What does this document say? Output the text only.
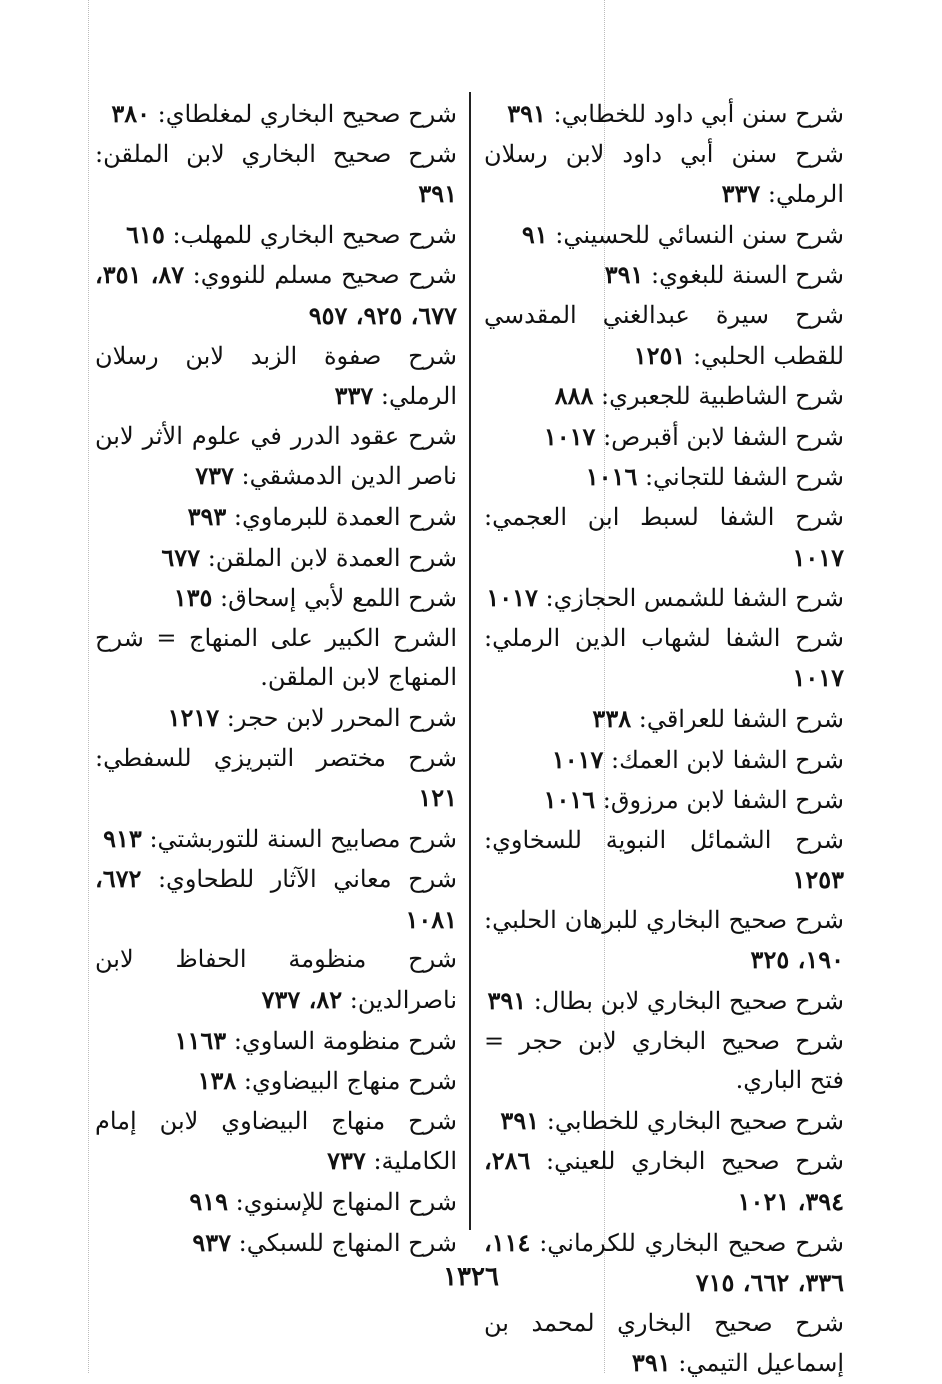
شرح سنن أبي داود للخطابي: ٣٩١

شرح سنن أبي داود لابن رسلان الرملي: ٣٣٧

شرح سنن النسائي للحسيني: ٩١

شرح السنة للبغوي: ٣٩١

شرح سيرة عبدالغني المقدسي للقطب الحلبي: ١٢٥١

شرح الشاطبية للجعبري: ٨٨٨

شرح الشفا لابن أقبرص: ١٠١٧

شرح الشفا للتجاني: ١٠١٦

شرح الشفا لسبط ابن العجمي: ١٠١٧

شرح الشفا للشمس الحجازي: ١٠١٧

شرح الشفا لشهاب الدين الرملي: ١٠١٧

شرح الشفا للعراقي: ٣٣٨

شرح الشفا لابن العمك: ١٠١٧

شرح الشفا لابن مرزوق: ١٠١٦

شرح الشمائل النبوية للسخاوي: ١٢٥٣

شرح صحيح البخاري للبرهان الحلبي: ١٩٠، ٣٢٥

شرح صحيح البخاري لابن بطال: ٣٩١

شرح صحيح البخاري لابن حجر = فتح الباري.

شرح صحيح البخاري للخطابي: ٣٩١

شرح صحيح البخاري للعيني: ٢٨٦، ٣٩٤، ١٠٢١

شرح صحيح البخاري للكرماني: ١١٤، ٣٣٦، ٦٦٢، ٧١٥

شرح صحيح البخاري لمحمد بن إسماعيل التيمي: ٣٩١

شرح صحيح البخاري لمغلطاي: ٣٨٠

شرح صحيح البخاري لابن الملقن: ٣٩١

شرح صحيح البخاري للمهلب: ٦١٥

شرح صحيح مسلم للنووي: ٨٧، ٣٥١، ٦٧٧، ٩٢٥، ٩٥٧

شرح صفوة الزبد لابن رسلان الرملي: ٣٣٧

شرح عقود الدرر في علوم الأثر لابن ناصر الدين الدمشقي: ٧٣٧

شرح العمدة للبرماوي: ٣٩٣

شرح العمدة لابن الملقن: ٦٧٧

شرح اللمع لأبي إسحاق: ١٣٥

الشرح الكبير على المنهاج = شرح المنهاج لابن الملقن.

شرح المحرر لابن حجر: ١٢١٧

شرح مختصر التبريزي للسفطي: ١٢١

شرح مصابيح السنة للتوربشتي: ٩١٣

شرح معاني الآثار للطحاوي: ٦٧٢، ١٠٨١

شرح منظومة الحفاظ لابن ناصرالدين: ٨٢، ٧٣٧

شرح منظومة الساوي: ١١٦٣

شرح منهاج البيضاوي: ١٣٨

شرح منهاج البيضاوي لابن إمام الكاملية: ٧٣٧

شرح المنهاج للإسنوي: ٩١٩

شرح المنهاج للسبكي: ٩٣٧

١٣٢٦
